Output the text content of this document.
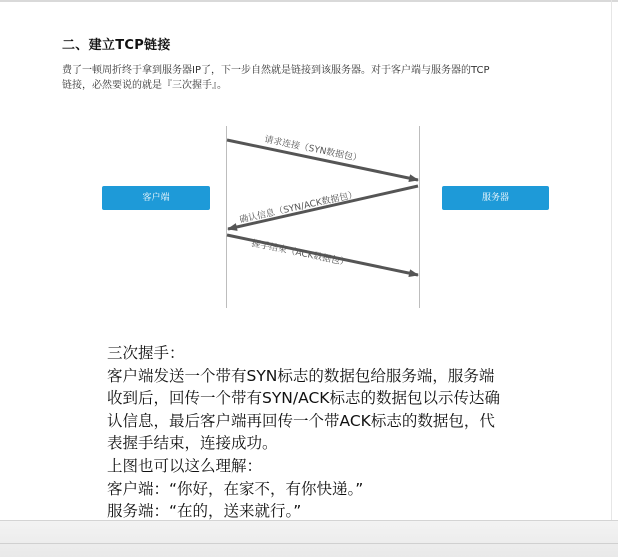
二、建立TCP链接
费了一顿周折终于拿到服务器IP了，下一步自然就是链接到该服务器。对于客户端与服务器的TCP
链接，必然要说的就是『三次握手』。
请求连接（SYN数据包）
确认信息（SYN/ACK数据包）
握手结束（ACK数据包）
客户端	服务器
三次握手：
客户端发送一个带有SYN标志的数据包给服务端，服务端
收到后，回传一个带有SYN/ACK标志的数据包以示传达确
认信息，最后客户端再回传一个带ACK标志的数据包，代
表握手结束，连接成功。
上图也可以这么理解：
客户端：“你好，在家不，有你快递。”
服务端：“在的，送来就行。”
